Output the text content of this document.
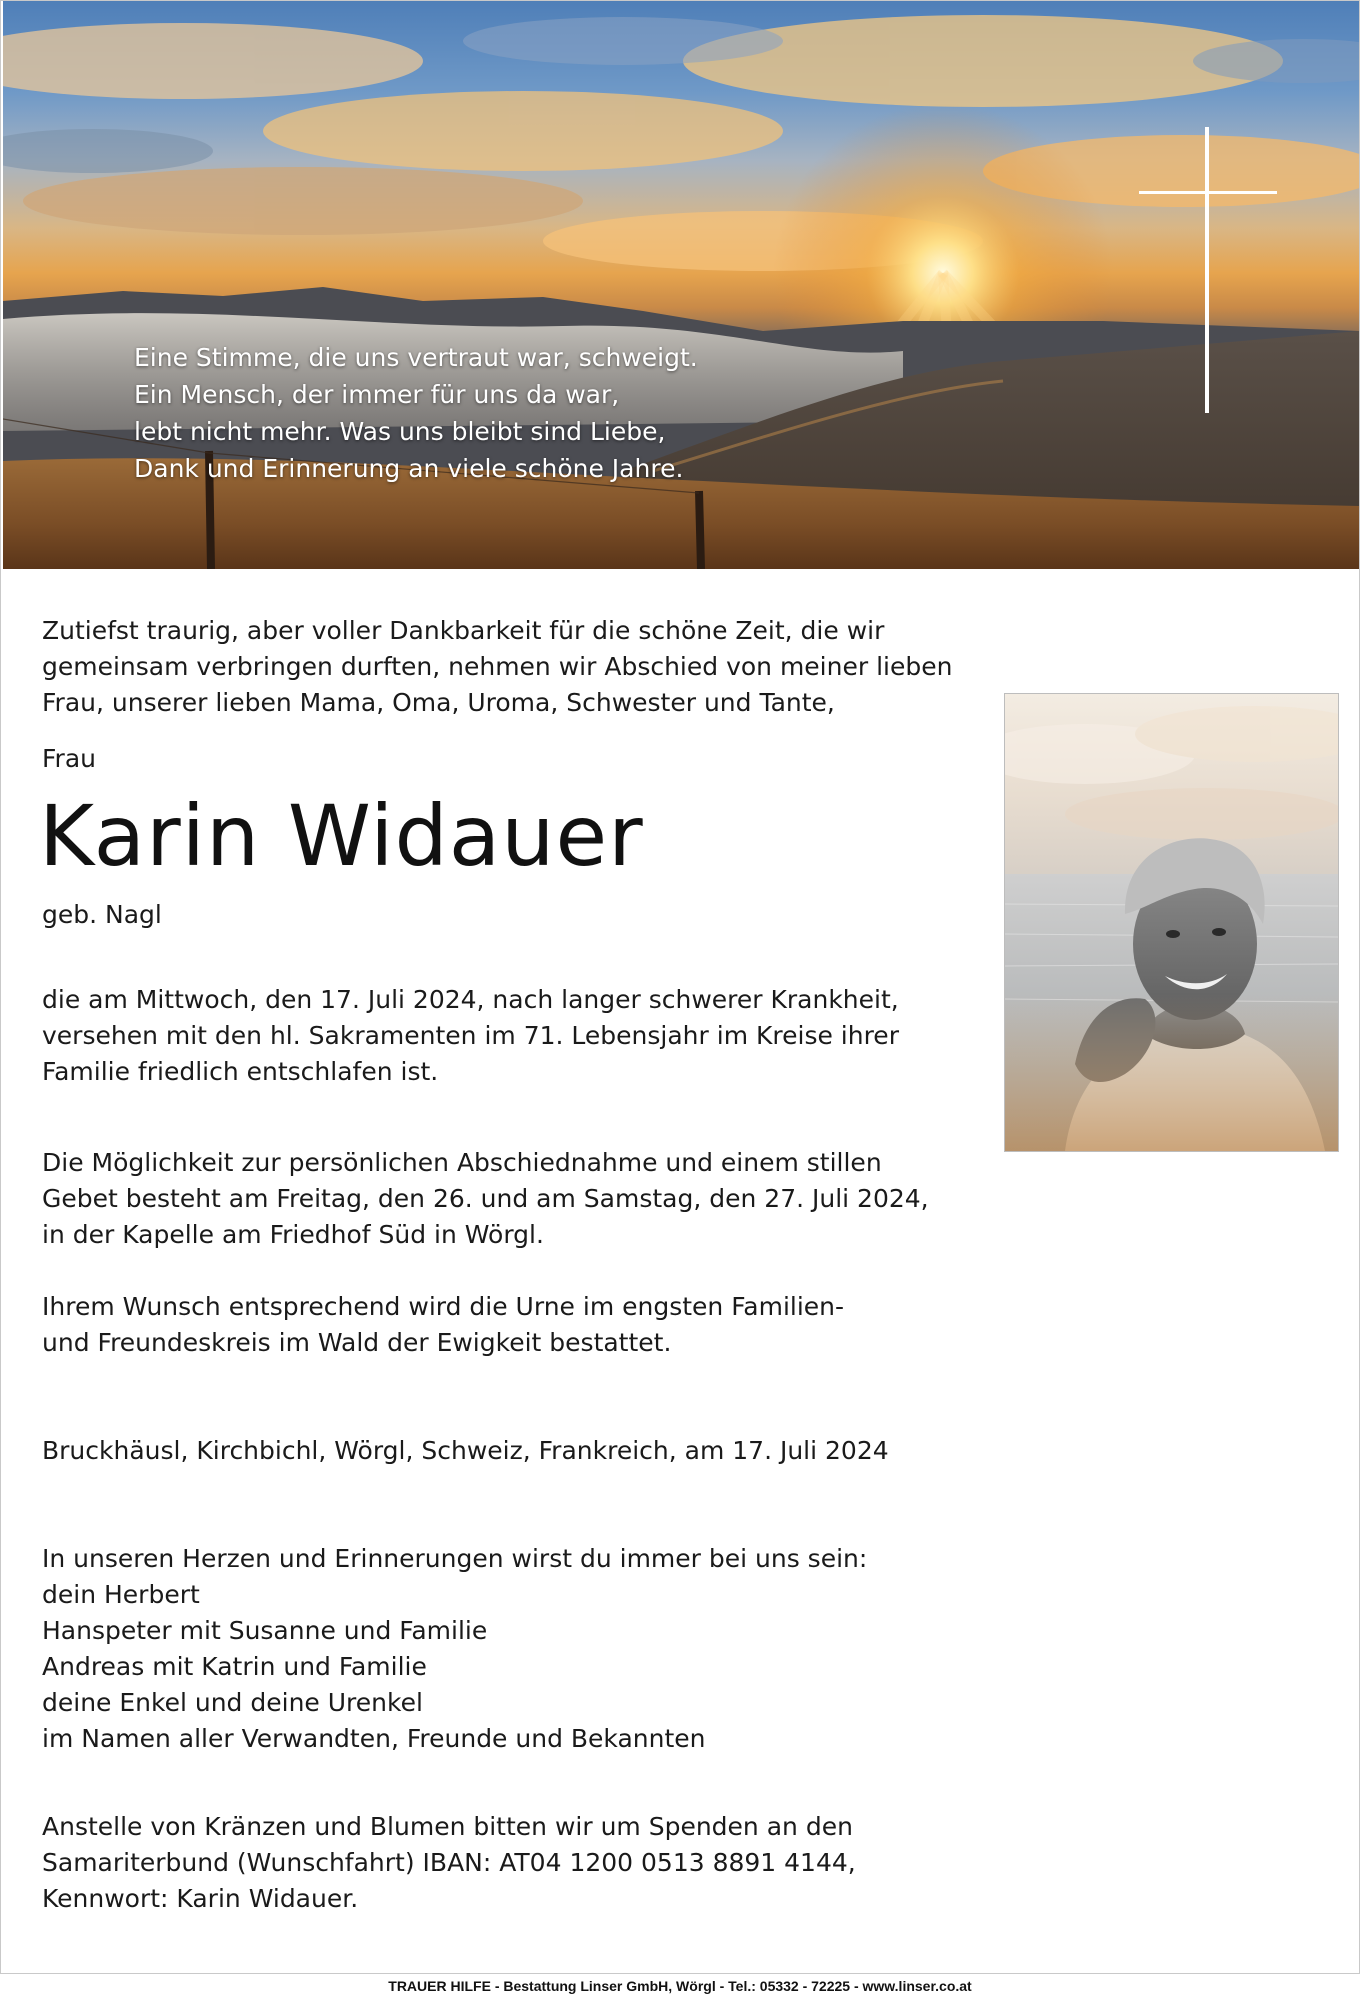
Eine Stimme, die uns vertraut war, schweigt.
Ein Mensch, der immer für uns da war,
lebt nicht mehr. Was uns bleibt sind Liebe,
Dank und Erinnerung an viele schöne Jahre.
Zutiefst traurig, aber voller Dankbarkeit für die schöne Zeit, die wir
gemeinsam verbringen durften, nehmen wir Abschied von meiner lieben
Frau, unserer lieben Mama, Oma, Uroma, Schwester und Tante,
Frau
Karin Widauer
geb. Nagl
die am Mittwoch, den 17. Juli 2024, nach langer schwerer Krankheit,
versehen mit den hl. Sakramenten im 71. Lebensjahr im Kreise ihrer
Familie friedlich entschlafen ist.
Die Möglichkeit zur persönlichen Abschiednahme und einem stillen
Gebet besteht am Freitag, den 26. und am Samstag, den 27. Juli 2024,
in der Kapelle am Friedhof Süd in Wörgl.
Ihrem Wunsch entsprechend wird die Urne im engsten Familien-
und Freundeskreis im Wald der Ewigkeit bestattet.
Bruckhäusl, Kirchbichl, Wörgl, Schweiz, Frankreich, am 17. Juli 2024
In unseren Herzen und Erinnerungen wirst du immer bei uns sein:
dein Herbert
Hanspeter mit Susanne und Familie
Andreas mit Katrin und Familie
deine Enkel und deine Urenkel
im Namen aller Verwandten, Freunde und Bekannten
Anstelle von Kränzen und Blumen bitten wir um Spenden an den
Samariterbund (Wunschfahrt) IBAN: AT04 1200 0513 8891 4144,
Kennwort: Karin Widauer.
TRAUER HILFE - Bestattung Linser GmbH, Wörgl - Tel.: 05332 - 72225 - www.linser.co.at
